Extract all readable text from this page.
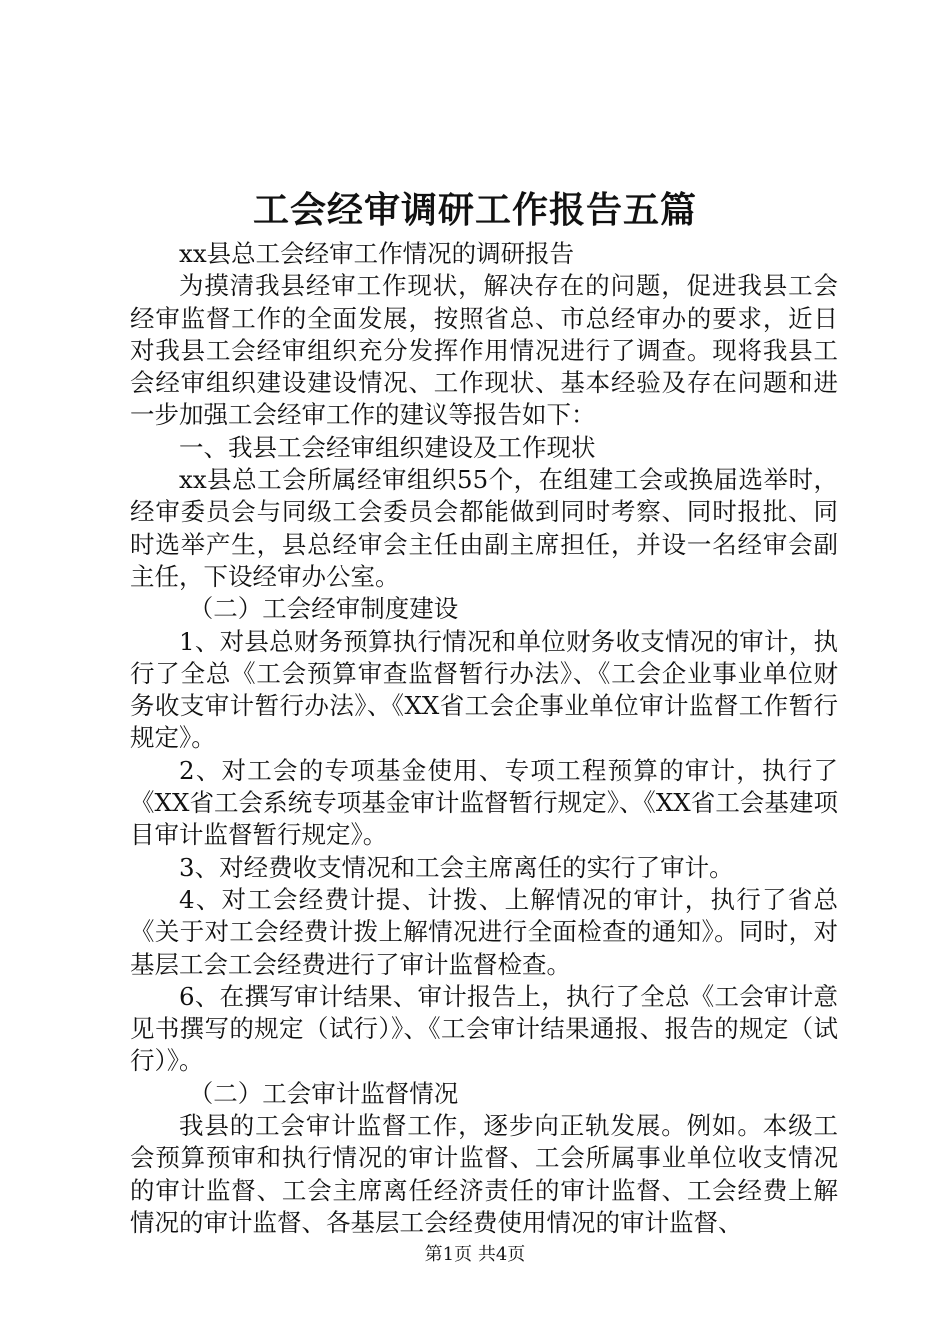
工会经审调研工作报告五篇

xx县总工会经审工作情况的调研报告

为摸清我县经审工作现状，解决存在的问题，促进我县工会经审监督工作的全面发展，按照省总、市总经审办的要求，近日对我县工会经审组织充分发挥作用情况进行了调查。现将我县工会经审组织建设建设情况、工作现状、基本经验及存在问题和进一步加强工会经审工作的建议等报告如下：

一、我县工会经审组织建设及工作现状

xx县总工会所属经审组织55个，在组建工会或换届选举时，经审委员会与同级工会委员会都能做到同时考察、同时报批、同时选举产生，县总经审会主任由副主席担任，并设一名经审会副主任，下设经审办公室。

（二）工会经审制度建设

1、对县总财务预算执行情况和单位财务收支情况的审计，执行了全总《工会预算审查监督暂行办法》、《工会企业事业单位财务收支审计暂行办法》、《XX省工会企事业单位审计监督工作暂行规定》。

2、对工会的专项基金使用、专项工程预算的审计，执行了《XX省工会系统专项基金审计监督暂行规定》、《XX省工会基建项目审计监督暂行规定》。

3、对经费收支情况和工会主席离任的实行了审计。

4、对工会经费计提、计拨、上解情况的审计，执行了省总《关于对工会经费计拨上解情况进行全面检查的通知》。同时，对基层工会工会经费进行了审计监督检查。

6、在撰写审计结果、审计报告上，执行了全总《工会审计意见书撰写的规定（试行）》、《工会审计结果通报、报告的规定（试行）》。

（二）工会审计监督情况

我县的工会审计监督工作，逐步向正轨发展。例如。本级工会预算预审和执行情况的审计监督、工会所属事业单位收支情况的审计监督、工会主席离任经济责任的审计监督、工会经费上解情况的审计监督、各基层工会经费使用情况的审计监督、

第1页 共4页
